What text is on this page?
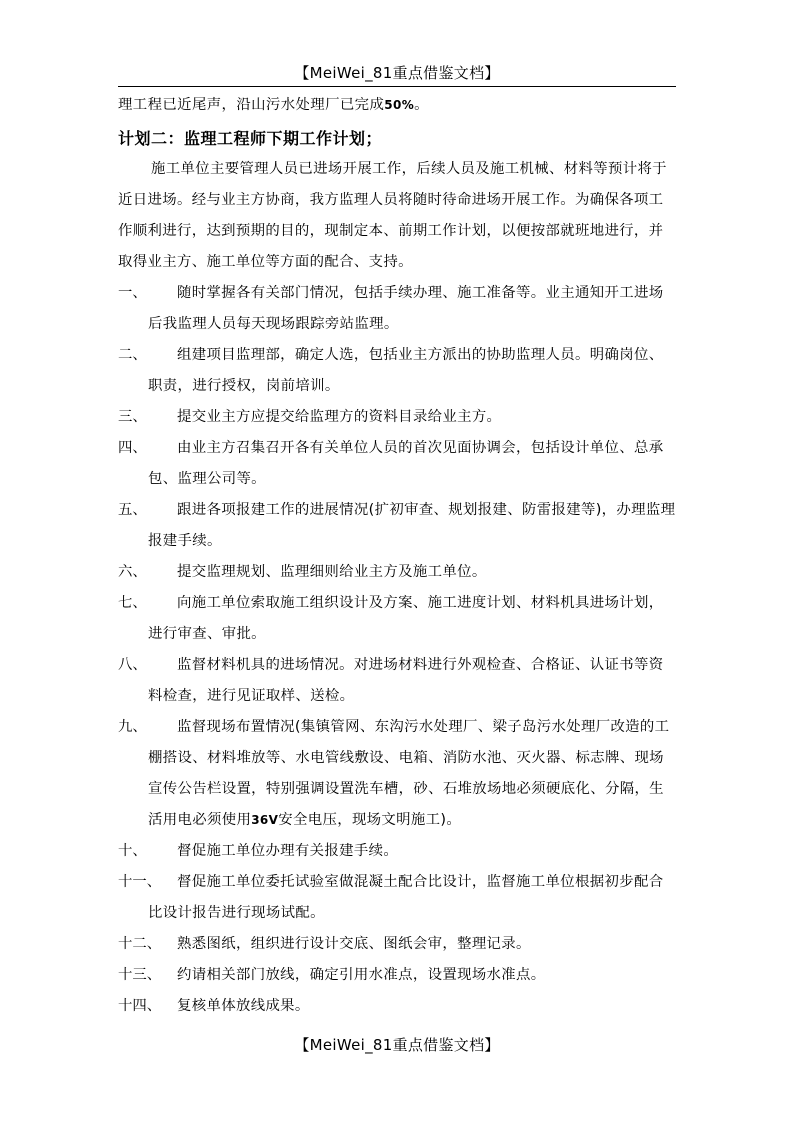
【MeiWei_81重点借鉴文档】

理工程已近尾声，沿山污水处理厂已完成50%。

计划二：监理工程师下期工作计划；

施工单位主要管理人员已进场开展工作，后续人员及施工机械、材料等预计将于近日进场。经与业主方协商，我方监理人员将随时待命进场开展工作。为确保各项工作顺利进行，达到预期的目的，现制定本、前期工作计划，以便按部就班地进行，并取得业主方、施工单位等方面的配合、支持。

一、	随时掌握各有关部门情况，包括手续办理、施工准备等。业主通知开工进场后我监理人员每天现场跟踪旁站监理。

二、	组建项目监理部，确定人选，包括业主方派出的协助监理人员。明确岗位、职责，进行授权，岗前培训。

三、	提交业主方应提交给监理方的资料目录给业主方。

四、	由业主方召集召开各有关单位人员的首次见面协调会，包括设计单位、总承包、监理公司等。

五、	跟进各项报建工作的进展情况(扩初审查、规划报建、防雷报建等)，办理监理报建手续。

六、	提交监理规划、监理细则给业主方及施工单位。

七、	向施工单位索取施工组织设计及方案、施工进度计划、材料机具进场计划，进行审查、审批。

八、	监督材料机具的进场情况。对进场材料进行外观检查、合格证、认证书等资料检查，进行见证取样、送检。

九、	监督现场布置情况(集镇管网、东沟污水处理厂、梁子岛污水处理厂改造的工棚搭设、材料堆放等、水电管线敷设、电箱、消防水池、灭火器、标志牌、现场宣传公告栏设置，特别强调设置洗车槽，砂、石堆放场地必须硬底化、分隔，生活用电必须使用36V安全电压，现场文明施工)。

十、	督促施工单位办理有关报建手续。

十一、	督促施工单位委托试验室做混凝土配合比设计，监督施工单位根据初步配合比设计报告进行现场试配。

十二、	熟悉图纸，组织进行设计交底、图纸会审，整理记录。

十三、	约请相关部门放线，确定引用水准点，设置现场水准点。

十四、	复核单体放线成果。

【MeiWei_81重点借鉴文档】
